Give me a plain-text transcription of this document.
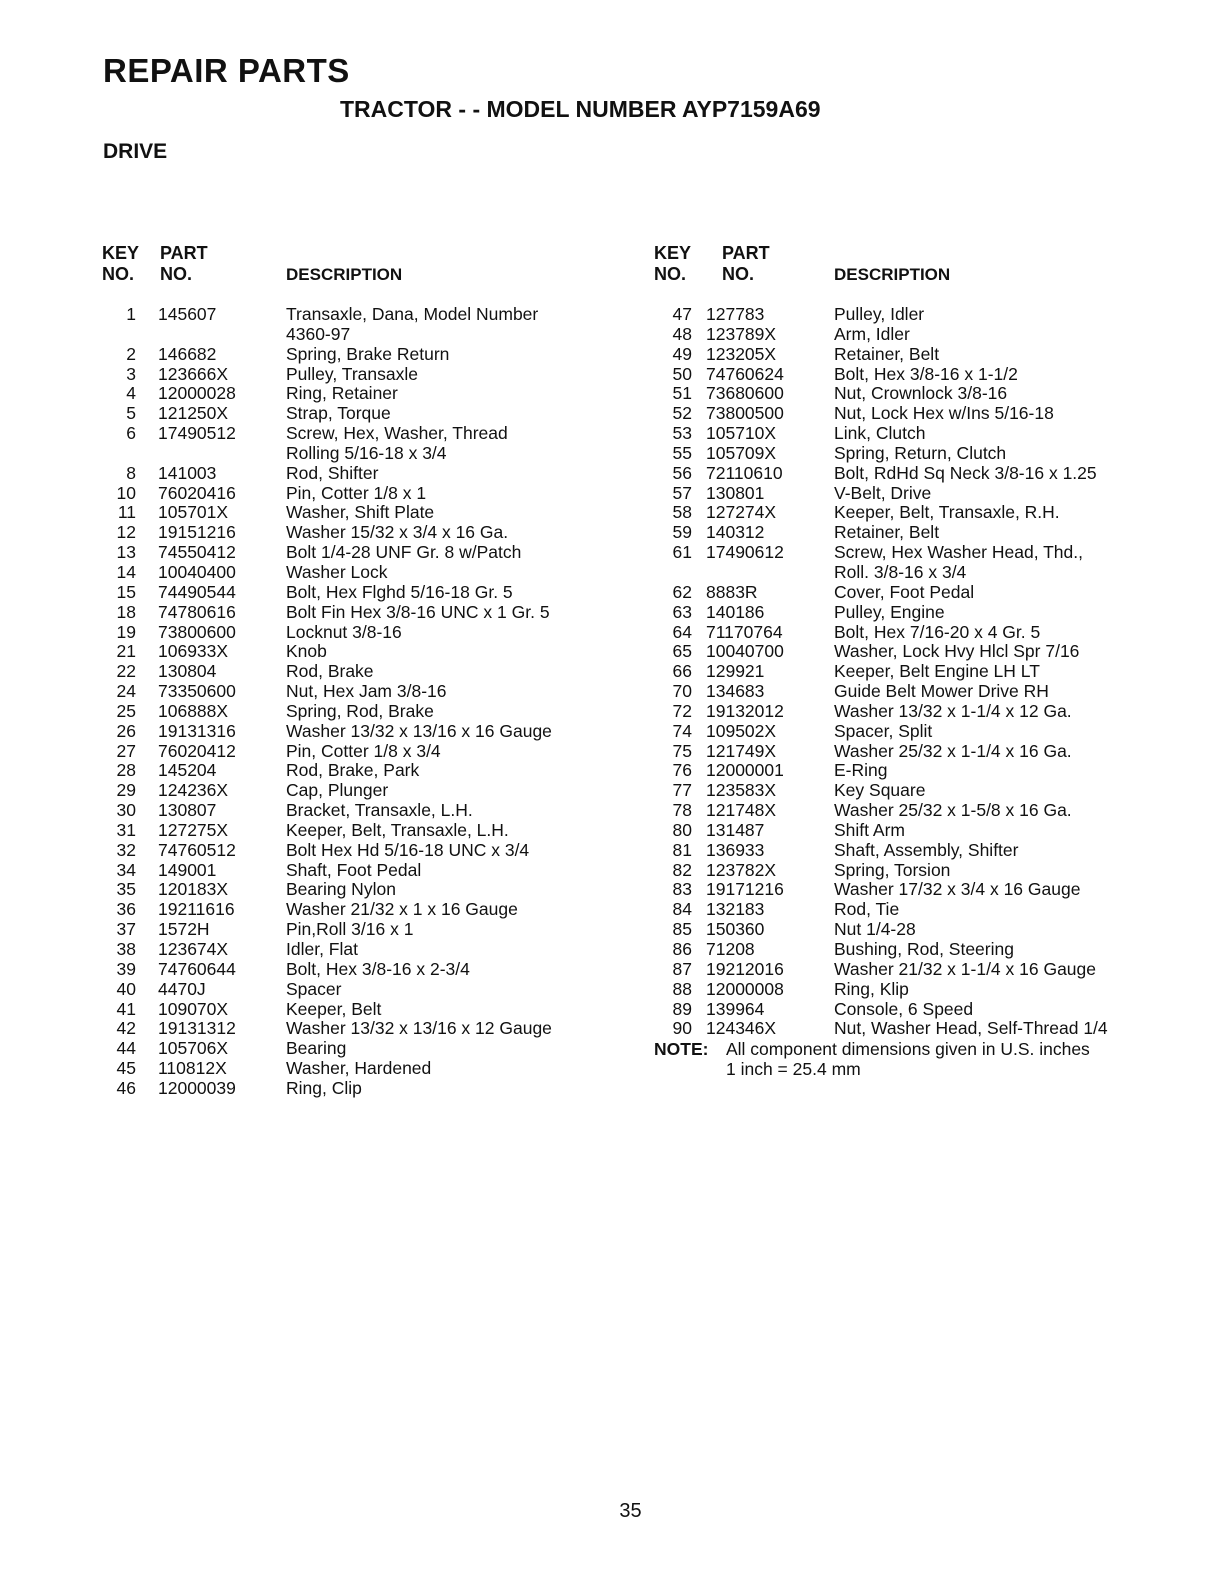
REPAIR PARTS
TRACTOR - - MODEL NUMBER AYP7159A69
DRIVE
KEY
NO.
PART
NO.	DESCRIPTION
1	145607	Transaxle, Dana, Model Number
4360-97
2	146682	Spring, Brake Return
3	123666X	Pulley, Transaxle
4	12000028	Ring, Retainer
5	121250X	Strap, Torque
6	17490512	Screw, Hex, Washer, Thread
Rolling 5/16-18 x 3/4
8	141003	Rod, Shifter
10	76020416	Pin, Cotter 1/8 x 1
11	105701X	Washer, Shift Plate
12	19151216	Washer 15/32 x 3/4 x 16 Ga.
13	74550412	Bolt 1/4-28 UNF Gr. 8 w/Patch
14	10040400	Washer Lock
15	74490544	Bolt, Hex Flghd 5/16-18 Gr. 5
18	74780616	Bolt Fin Hex 3/8-16 UNC x 1 Gr. 5
19	73800600	Locknut 3/8-16
21	106933X	Knob
22	130804	Rod, Brake
24	73350600	Nut, Hex Jam 3/8-16
25	106888X	Spring, Rod, Brake
26	19131316	Washer 13/32 x 13/16 x 16 Gauge
27	76020412	Pin, Cotter 1/8 x 3/4
28	145204	Rod, Brake, Park
29	124236X	Cap, Plunger
30	130807	Bracket, Transaxle, L.H.
31	127275X	Keeper, Belt, Transaxle, L.H.
32	74760512	Bolt Hex Hd 5/16-18 UNC x 3/4
34	149001	Shaft, Foot Pedal
35	120183X	Bearing Nylon
36	19211616	Washer 21/32 x 1 x 16 Gauge
37	1572H	Pin,Roll 3/16 x 1
38	123674X	Idler, Flat
39	74760644	Bolt, Hex 3/8-16 x 2-3/4
40	4470J	Spacer
41	109070X	Keeper, Belt
42	19131312	Washer 13/32 x 13/16 x 12 Gauge
44	105706X	Bearing
45	110812X	Washer, Hardened
46	12000039	Ring, Clip
KEY
NO.
PART
NO.	DESCRIPTION
47 127783	Pulley, Idler
48 123789X	Arm, Idler
49 123205X	Retainer, Belt
50 74760624	Bolt, Hex 3/8-16 x 1-1/2
51 73680600	Nut, Crownlock 3/8-16
52 73800500	Nut, Lock Hex w/Ins 5/16-18
53 105710X	Link, Clutch
55 105709X	Spring, Return, Clutch
56 72110610	Bolt, RdHd Sq Neck 3/8-16 x 1.25
57 130801	V-Belt, Drive
58 127274X	Keeper, Belt, Transaxle, R.H.
59 140312	Retainer, Belt
61 17490612	Screw, Hex Washer Head, Thd.,
Roll. 3/8-16 x 3/4
62 8883R	Cover, Foot Pedal
63 140186	Pulley, Engine
64 71170764	Bolt, Hex 7/16-20 x 4 Gr. 5
65 10040700	Washer, Lock Hvy Hlcl Spr 7/16
66 129921	Keeper, Belt Engine LH LT
70 134683	Guide Belt Mower Drive RH
72 19132012	Washer 13/32 x 1-1/4 x 12 Ga.
74 109502X	Spacer, Split
75 121749X	Washer 25/32 x 1-1/4 x 16 Ga.
76 12000001	E-Ring
77 123583X	Key Square
78 121748X	Washer 25/32 x 1-5/8 x 16 Ga.
80 131487	Shift Arm
81 136933	Shaft, Assembly, Shifter
82 123782X	Spring, Torsion
83 19171216	Washer 17/32 x 3/4 x 16 Gauge
84 132183	Rod, Tie
85 150360	Nut 1/4-28
86 71208	Bushing, Rod, Steering
87 19212016	Washer 21/32 x 1-1/4 x 16 Gauge
88 12000008	Ring, Klip
89 139964	Console, 6 Speed
90 124346X	Nut, Washer Head, Self-Thread 1/4
NOTE:	All component dimensions given in U.S. inches
1 inch = 25.4 mm
35
